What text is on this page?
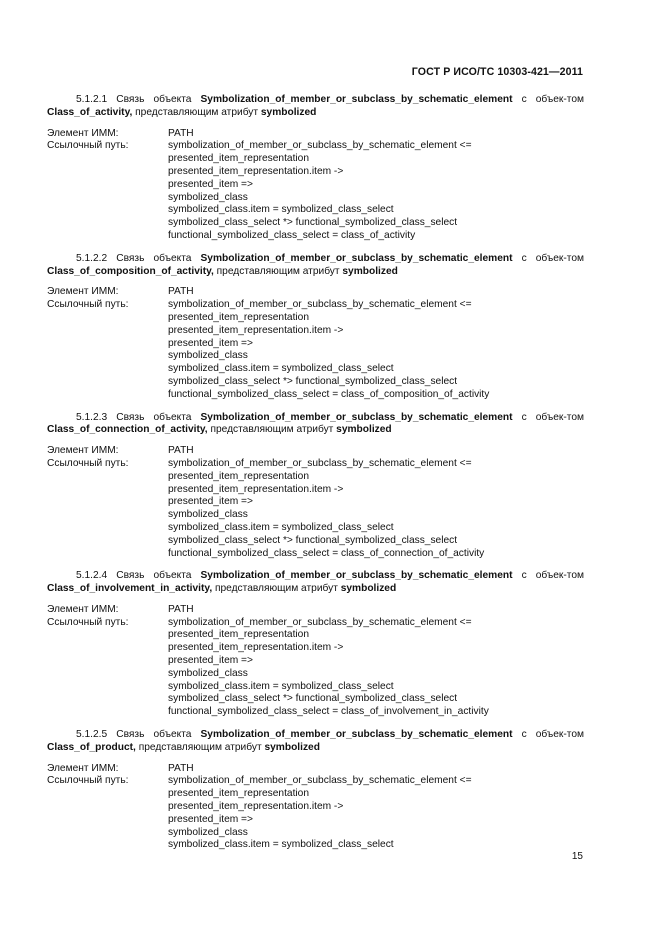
ГОСТ Р ИСО/ТС 10303-421—2011
5.1.2.1 Связь объекта Symbolization_of_member_or_subclass_by_schematic_element с объек-том Class_of_activity, представляющим атрибут symbolized
Элемент ИММ:	PATH
Ссылочный путь:	symbolization_of_member_or_subclass_by_schematic_element <=
presented_item_representation
presented_item_representation.item ->
presented_item =>
symbolized_class
symbolized_class.item = symbolized_class_select
symbolized_class_select *> functional_symbolized_class_select
functional_symbolized_class_select = class_of_activity
5.1.2.2 Связь объекта Symbolization_of_member_or_subclass_by_schematic_element с объек-том Class_of_composition_of_activity, представляющим атрибут symbolized
Элемент ИММ:	PATH
Ссылочный путь:	symbolization_of_member_or_subclass_by_schematic_element <=
presented_item_representation
presented_item_representation.item ->
presented_item =>
symbolized_class
symbolized_class.item = symbolized_class_select
symbolized_class_select *> functional_symbolized_class_select
functional_symbolized_class_select = class_of_composition_of_activity
5.1.2.3 Связь объекта Symbolization_of_member_or_subclass_by_schematic_element с объек-том Class_of_connection_of_activity, представляющим атрибут symbolized
Элемент ИММ:	PATH
Ссылочный путь:	symbolization_of_member_or_subclass_by_schematic_element <=
presented_item_representation
presented_item_representation.item ->
presented_item =>
symbolized_class
symbolized_class.item = symbolized_class_select
symbolized_class_select *> functional_symbolized_class_select
functional_symbolized_class_select = class_of_connection_of_activity
5.1.2.4 Связь объекта Symbolization_of_member_or_subclass_by_schematic_element с объек-том Class_of_involvement_in_activity, представляющим атрибут symbolized
Элемент ИММ:	PATH
Ссылочный путь:	symbolization_of_member_or_subclass_by_schematic_element <=
presented_item_representation
presented_item_representation.item ->
presented_item =>
symbolized_class
symbolized_class.item = symbolized_class_select
symbolized_class_select *> functional_symbolized_class_select
functional_symbolized_class_select = class_of_involvement_in_activity
5.1.2.5 Связь объекта Symbolization_of_member_or_subclass_by_schematic_element с объек-том Class_of_product, представляющим атрибут symbolized
Элемент ИММ:	PATH
Ссылочный путь:	symbolization_of_member_or_subclass_by_schematic_element <=
presented_item_representation
presented_item_representation.item ->
presented_item =>
symbolized_class
symbolized_class.item = symbolized_class_select
15
